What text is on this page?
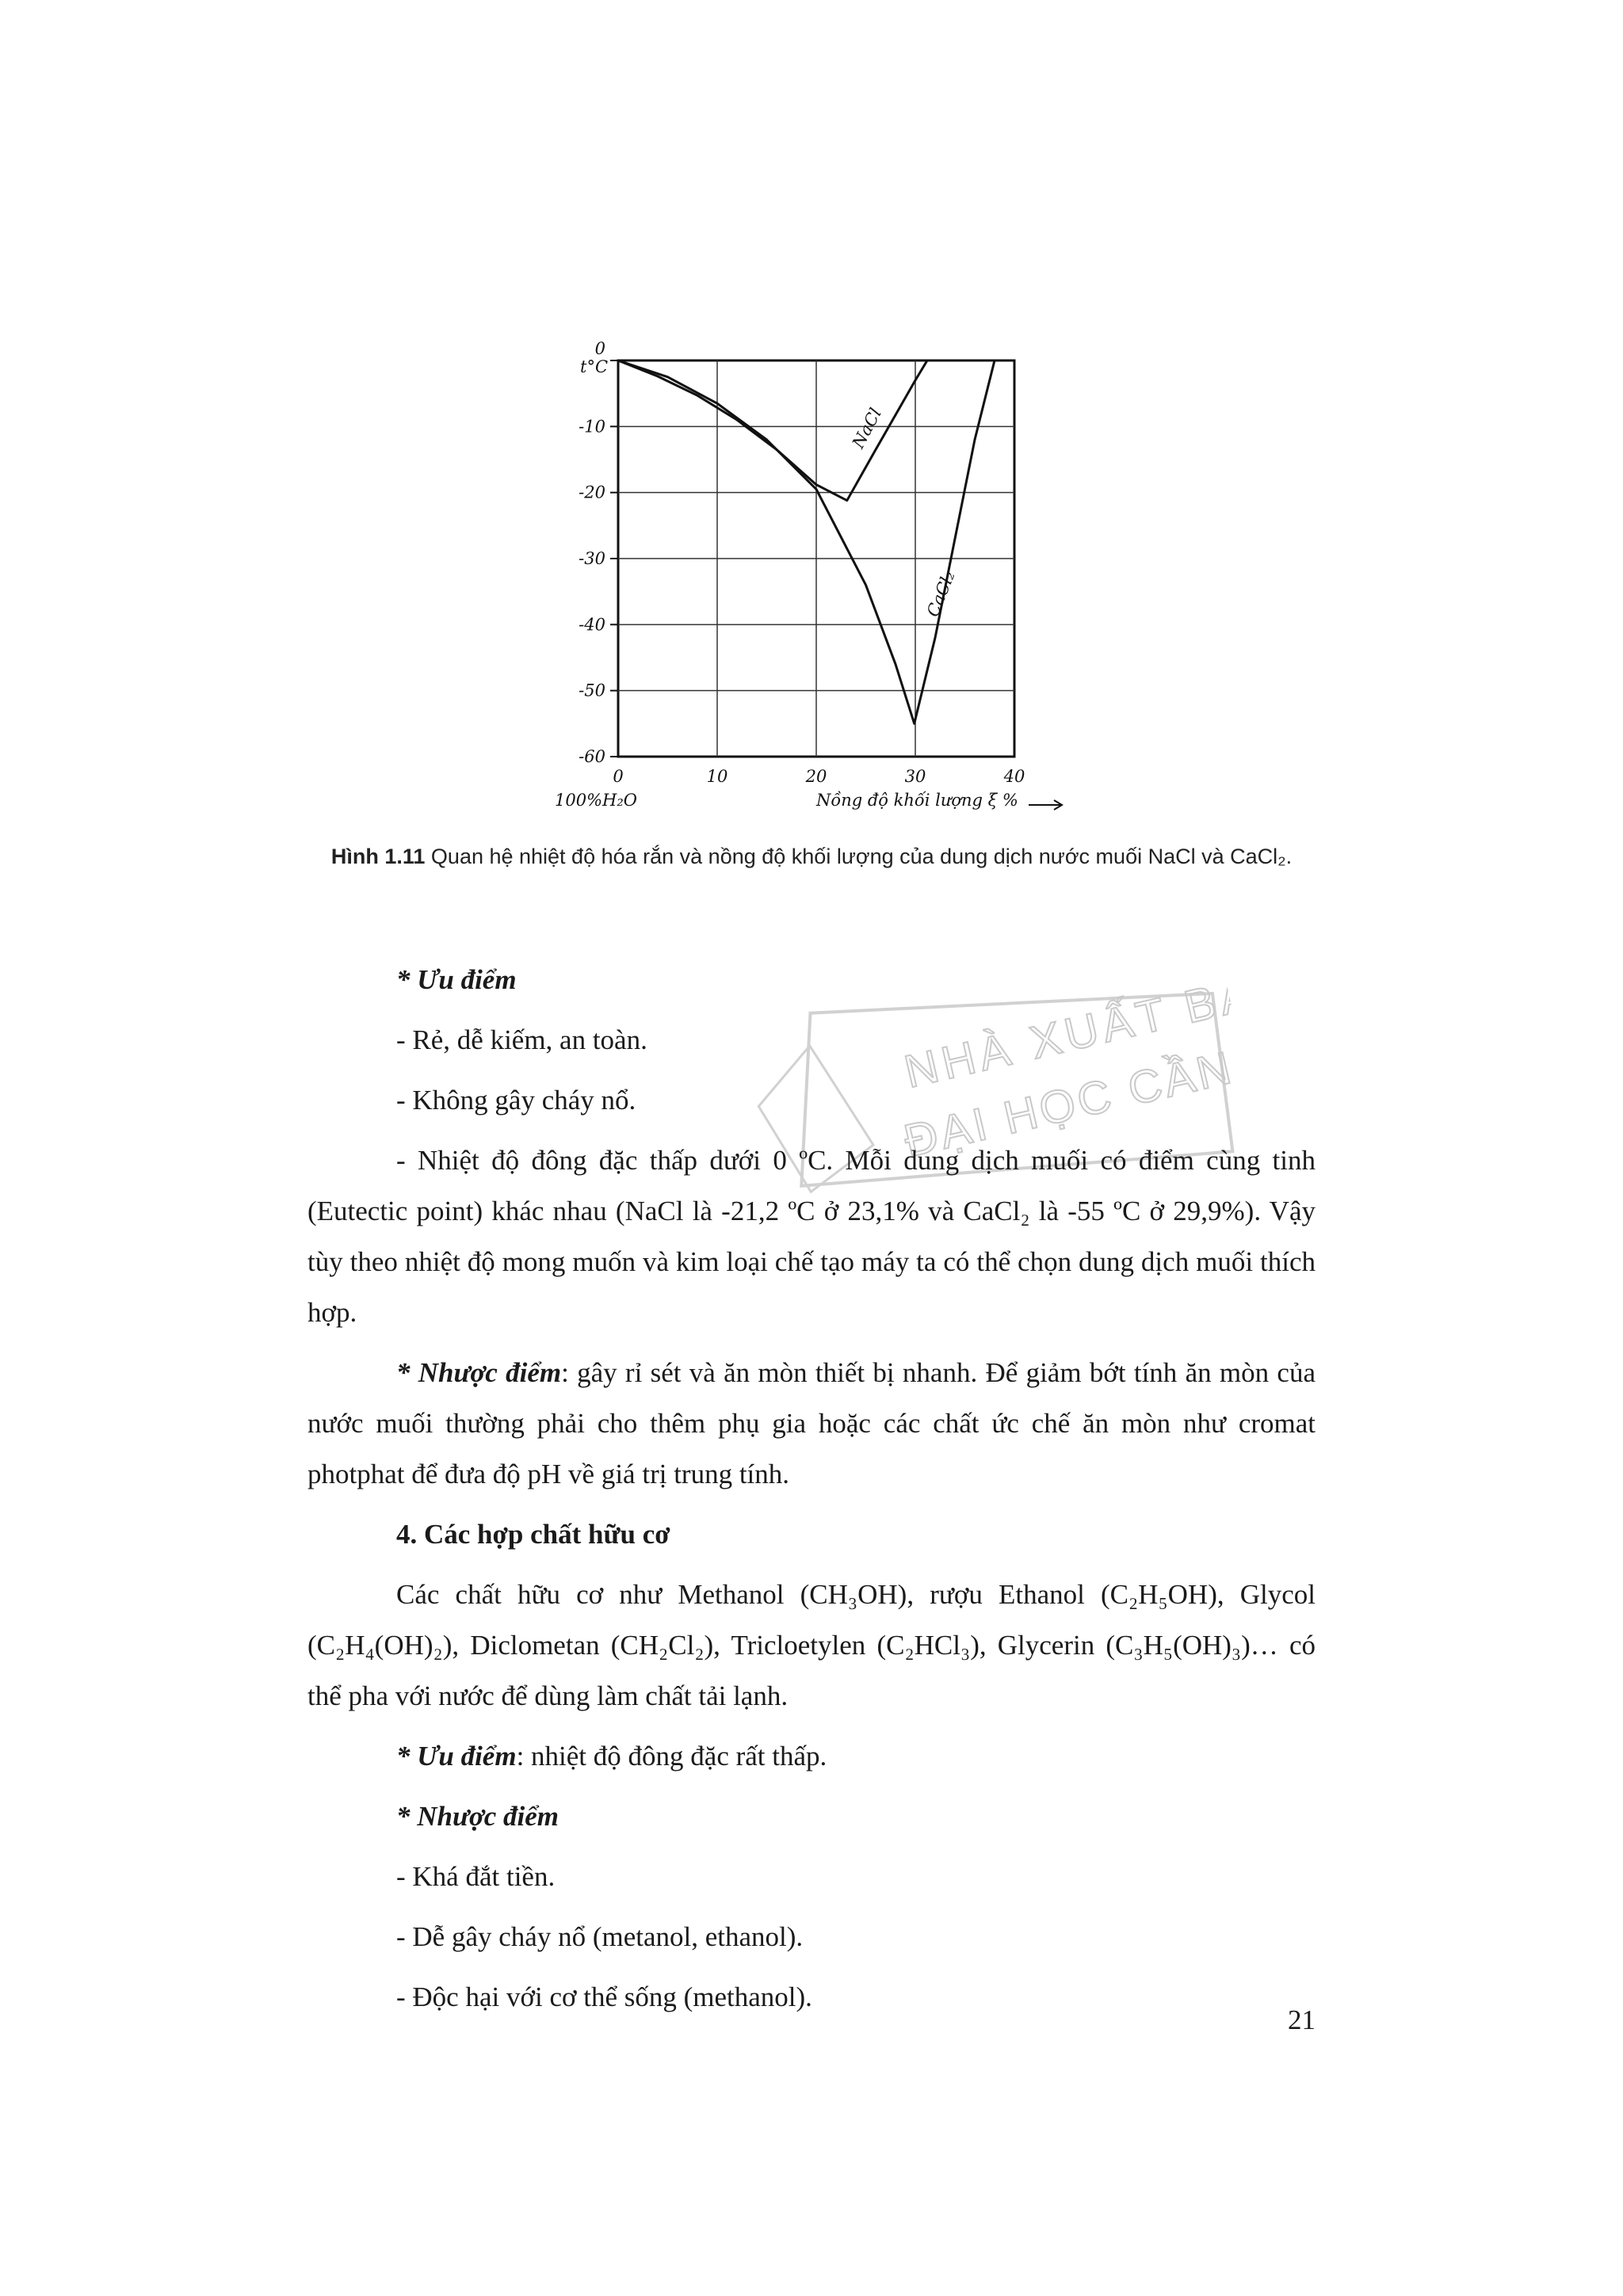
0
-10
-20
-30
-40
-50
-60
0	10	20	30	40
t°C
100%H₂O	Nồng độ khối lượng ξ %
NaCl
CaCl₂
Hình 1.11 Quan hệ nhiệt độ hóa rắn và nồng độ khối lượng của dung dịch nước muối NaCl và CaCl₂.
NHÀ XUẤT BẢN
ĐẠI HỌC CẦN THƠ

* Ưu điểm

- Rẻ, dễ kiếm, an toàn.

- Không gây cháy nổ.

- Nhiệt độ đông đặc thấp dưới 0 ºC. Mỗi dung dịch muối có điểm cùng tinh (Eutectic point) khác nhau (NaCl là -21,2 ºC ở 23,1% và CaCl₂ là -55 ºC ở 29,9%). Vậy tùy theo nhiệt độ mong muốn và kim loại chế tạo máy ta có thể chọn dung dịch muối thích hợp.

* Nhược điểm: gây rỉ sét và ăn mòn thiết bị nhanh. Để giảm bớt tính ăn mòn của nước muối thường phải cho thêm phụ gia hoặc các chất ức chế ăn mòn như cromat photphat để đưa độ pH về giá trị trung tính.

4. Các hợp chất hữu cơ

Các chất hữu cơ như Methanol (CH₃OH), rượu Ethanol (C₂H₅OH), Glycol (C₂H₄(OH)₂), Diclometan (CH₂Cl₂), Tricloetylen (C₂HCl₃), Glycerin (C₃H₅(OH)₃)… có thể pha với nước để dùng làm chất tải lạnh.

* Ưu điểm: nhiệt độ đông đặc rất thấp.

* Nhược điểm

- Khá đắt tiền.

- Dễ gây cháy nổ (metanol, ethanol).

- Độc hại với cơ thể sống (methanol).

21
